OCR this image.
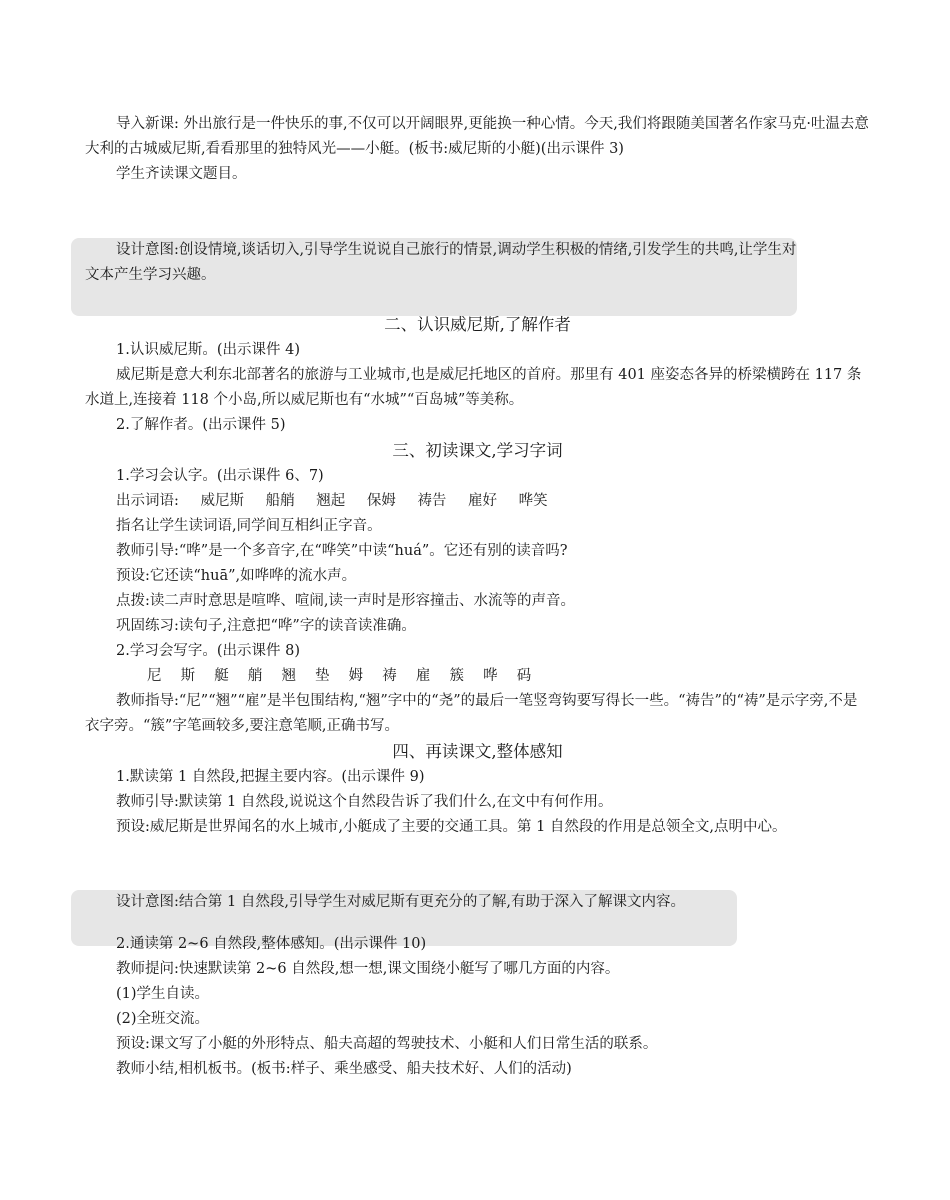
导入新课: 外出旅行是一件快乐的事,不仅可以开阔眼界,更能换一种心情。今天,我们将跟随美国著名作家马克·吐温去意大利的古城威尼斯,看看那里的独特风光——小艇。(板书:威尼斯的小艇)(出示课件 3)

学生齐读课文题目。

设计意图:创设情境,谈话切入,引导学生说说自己旅行的情景,调动学生积极的情绪,引发学生的共鸣,让学生对文本产生学习兴趣。

二、认识威尼斯,了解作者

1.认识威尼斯。(出示课件 4)

威尼斯是意大利东北部著名的旅游与工业城市,也是威尼托地区的首府。那里有 401 座姿态各异的桥梁横跨在 117 条水道上,连接着 118 个小岛,所以威尼斯也有“水城”“百岛城”等美称。

2.了解作者。(出示课件 5)

三、初读课文,学习字词

1.学习会认字。(出示课件 6、7)

出示词语: 威尼斯 船艄 翘起 保姆 祷告 雇好 哗笑

指名让学生读词语,同学间互相纠正字音。

教师引导:“哗”是一个多音字,在“哗笑”中读“huá”。它还有别的读音吗?

预设:它还读“huā”,如哗哗的流水声。

点拨:读二声时意思是喧哗、喧闹,读一声时是形容撞击、水流等的声音。

巩固练习:读句子,注意把“哗”字的读音读准确。

2.学习会写字。(出示课件 8)

尼 斯 艇 艄 翘 垫 姆 祷 雇 簇 哗 码

教师指导:“尼”“翘”“雇”是半包围结构,“翘”字中的“尧”的最后一笔竖弯钩要写得长一些。“祷告”的“祷”是示字旁,不是衣字旁。“簇”字笔画较多,要注意笔顺,正确书写。

四、再读课文,整体感知

1.默读第 1 自然段,把握主要内容。(出示课件 9)

教师引导:默读第 1 自然段,说说这个自然段告诉了我们什么,在文中有何作用。

预设:威尼斯是世界闻名的水上城市,小艇成了主要的交通工具。第 1 自然段的作用是总领全文,点明中心。

设计意图:结合第 1 自然段,引导学生对威尼斯有更充分的了解,有助于深入了解课文内容。

2.通读第 2~6 自然段,整体感知。(出示课件 10)

教师提问:快速默读第 2~6 自然段,想一想,课文围绕小艇写了哪几方面的内容。

(1)学生自读。

(2)全班交流。

预设:课文写了小艇的外形特点、船夫高超的驾驶技术、小艇和人们日常生活的联系。

教师小结,相机板书。(板书:样子、乘坐感受、船夫技术好、人们的活动)
